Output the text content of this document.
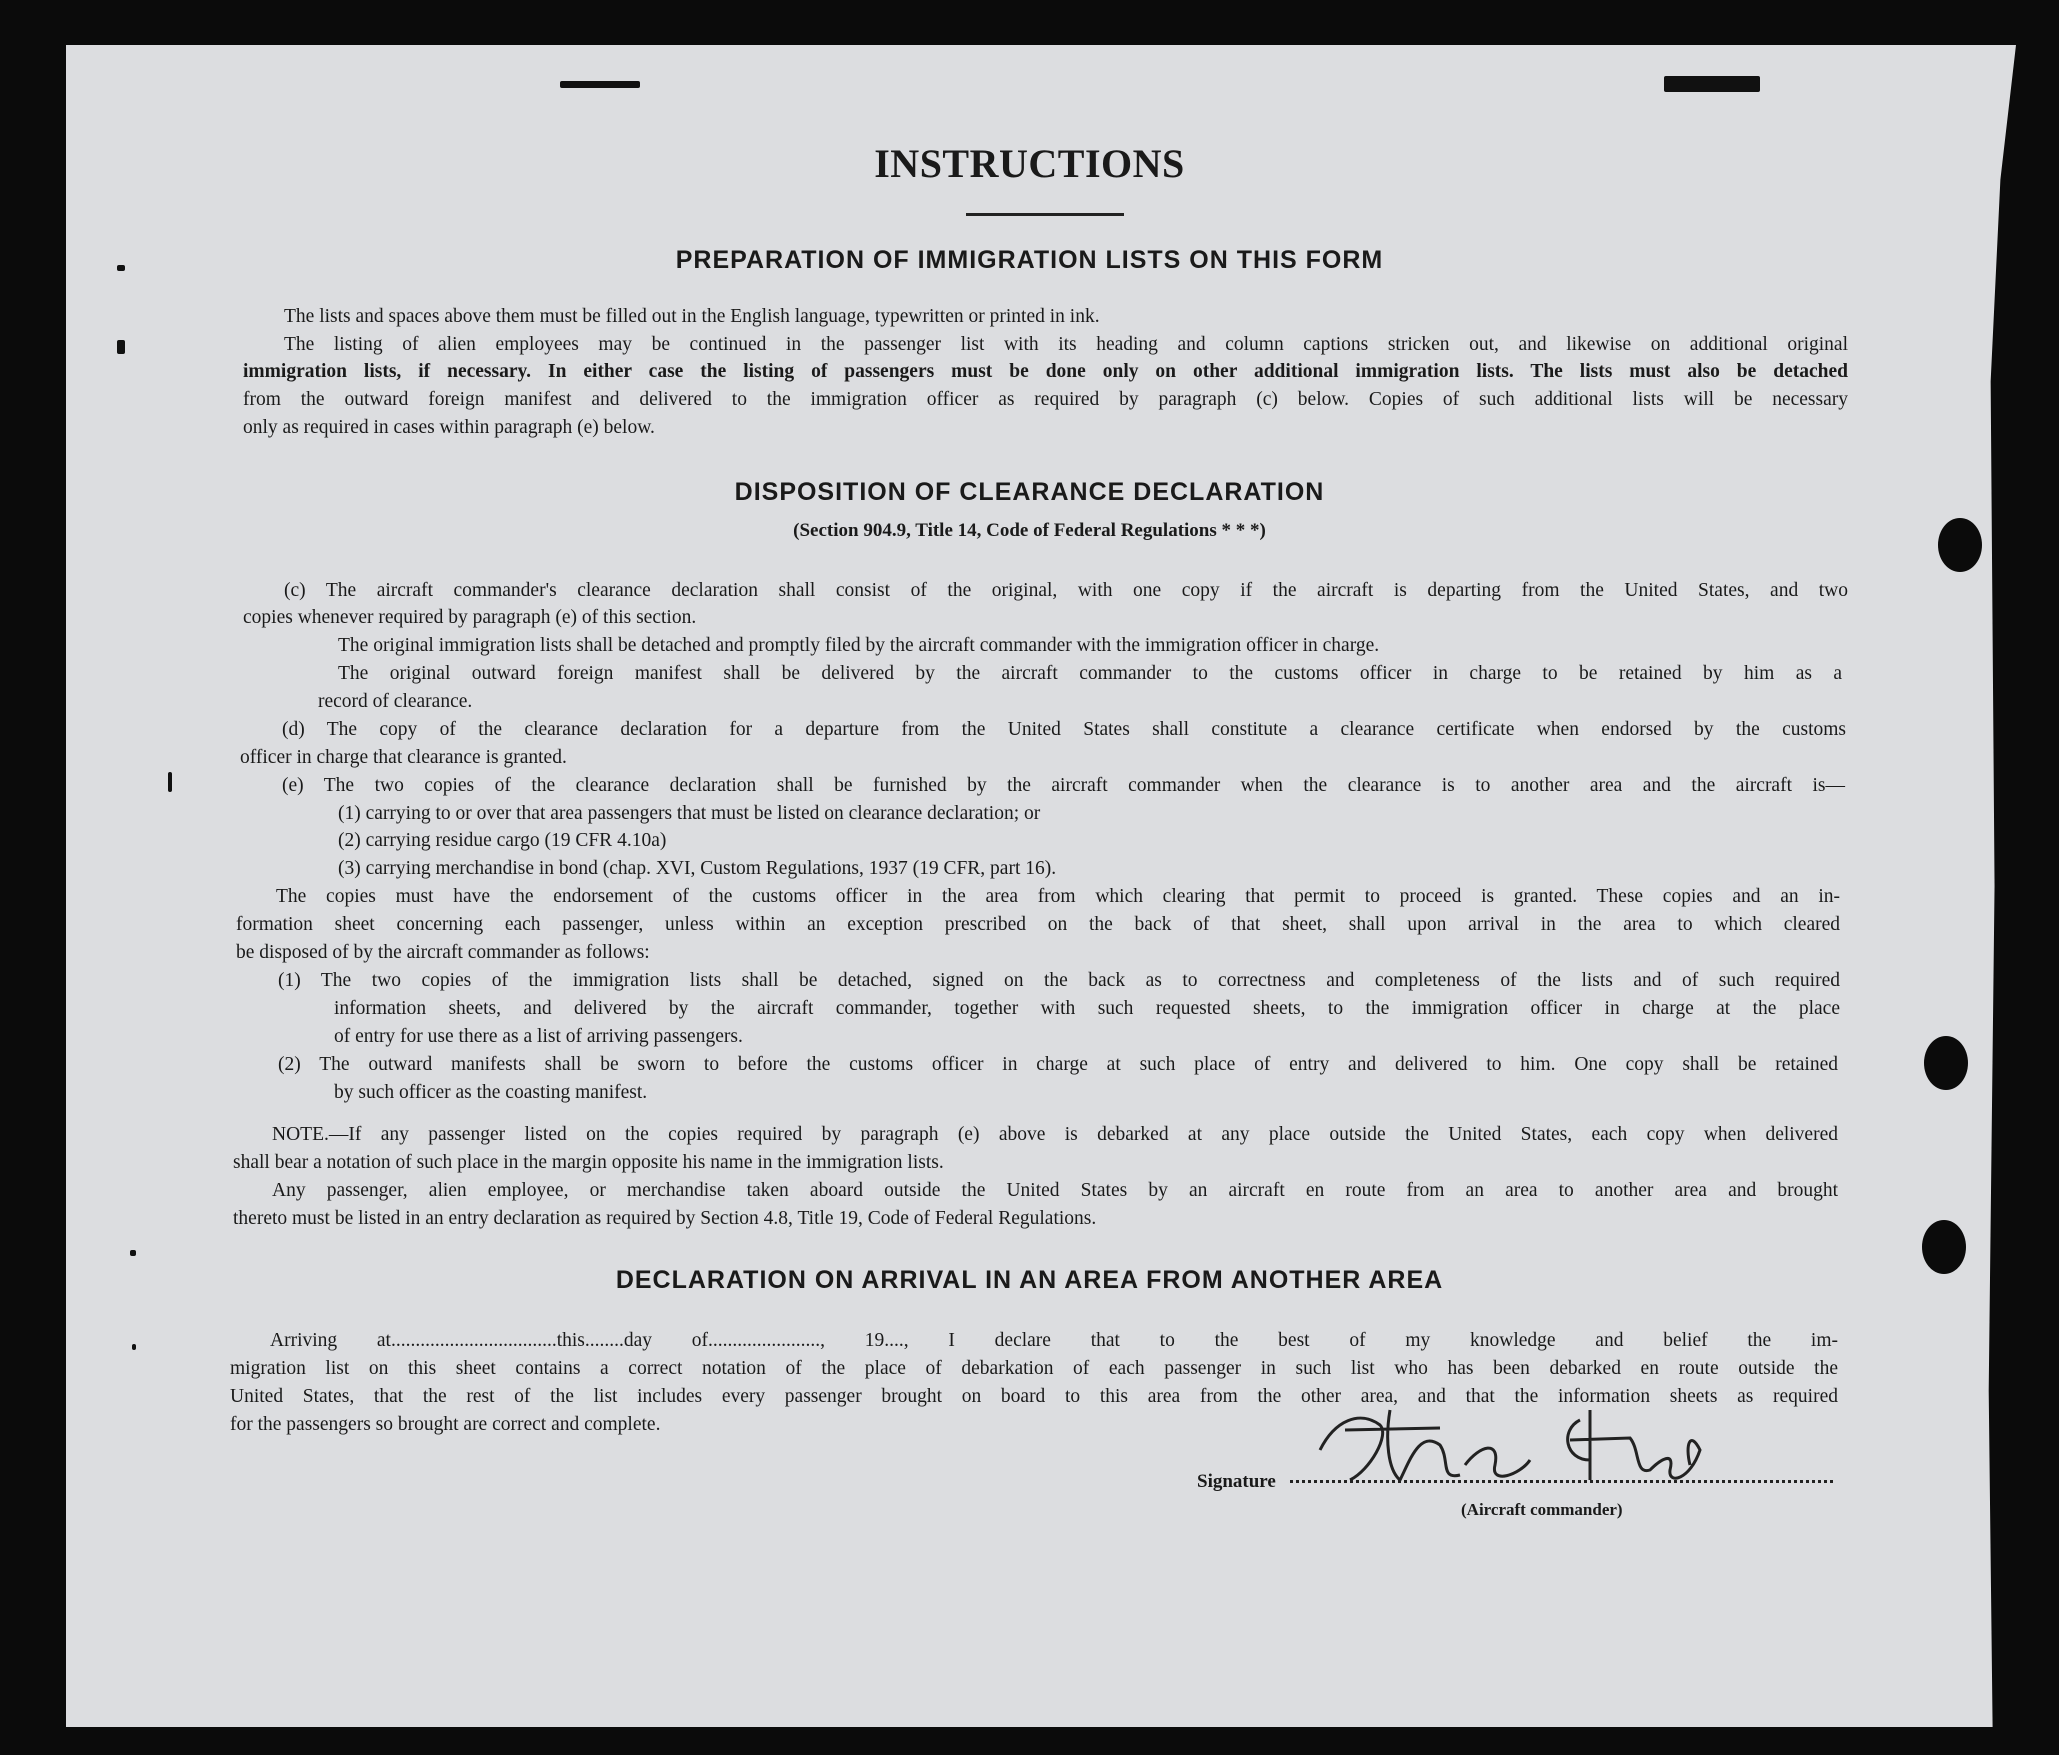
INSTRUCTIONS
PREPARATION OF IMMIGRATION LISTS ON THIS FORM
The lists and spaces above them must be filled out in the English language, typewritten or printed in ink.
The listing of alien employees may be continued in the passenger list with its heading and column captions stricken out, and likewise on additional original
immigration lists, if necessary. In either case the listing of passengers must be done only on other additional immigration lists. The lists must also be detached
from the outward foreign manifest and delivered to the immigration officer as required by paragraph (c) below. Copies of such additional lists will be necessary
only as required in cases within paragraph (e) below.
DISPOSITION OF CLEARANCE DECLARATION
(Section 904.9, Title 14, Code of Federal Regulations * * *)
(c) The aircraft commander's clearance declaration shall consist of the original, with one copy if the aircraft is departing from the United States, and two
copies whenever required by paragraph (e) of this section.
The original immigration lists shall be detached and promptly filed by the aircraft commander with the immigration officer in charge.
The original outward foreign manifest shall be delivered by the aircraft commander to the customs officer in charge to be retained by him as a
record of clearance.
(d) The copy of the clearance declaration for a departure from the United States shall constitute a clearance certificate when endorsed by the customs
officer in charge that clearance is granted.
(e) The two copies of the clearance declaration shall be furnished by the aircraft commander when the clearance is to another area and the aircraft is—
(1) carrying to or over that area passengers that must be listed on clearance declaration; or
(2) carrying residue cargo (19 CFR 4.10a)
(3) carrying merchandise in bond (chap. XVI, Custom Regulations, 1937 (19 CFR, part 16).
The copies must have the endorsement of the customs officer in the area from which clearing that permit to proceed is granted. These copies and an in-
formation sheet concerning each passenger, unless within an exception prescribed on the back of that sheet, shall upon arrival in the area to which cleared
be disposed of by the aircraft commander as follows:
(1) The two copies of the immigration lists shall be detached, signed on the back as to correctness and completeness of the lists and of such required
information sheets, and delivered by the aircraft commander, together with such requested sheets, to the immigration officer in charge at the place
of entry for use there as a list of arriving passengers.
(2) The outward manifests shall be sworn to before the customs officer in charge at such place of entry and delivered to him. One copy shall be retained
by such officer as the coasting manifest.
NOTE.—If any passenger listed on the copies required by paragraph (e) above is debarked at any place outside the United States, each copy when delivered
shall bear a notation of such place in the margin opposite his name in the immigration lists.
Any passenger, alien employee, or merchandise taken aboard outside the United States by an aircraft en route from an area to another area and brought
thereto must be listed in an entry declaration as required by Section 4.8, Title 19, Code of Federal Regulations.
DECLARATION ON ARRIVAL IN AN AREA FROM ANOTHER AREA
Arriving at..................................this........day of......................., 19...., I declare that to the best of my knowledge and belief the im-
migration list on this sheet contains a correct notation of the place of debarkation of each passenger in such list who has been debarked en route outside the
United States, that the rest of the list includes every passenger brought on board to this area from the other area, and that the information sheets as required
for the passengers so brought are correct and complete.
Signature
(Aircraft commander)
